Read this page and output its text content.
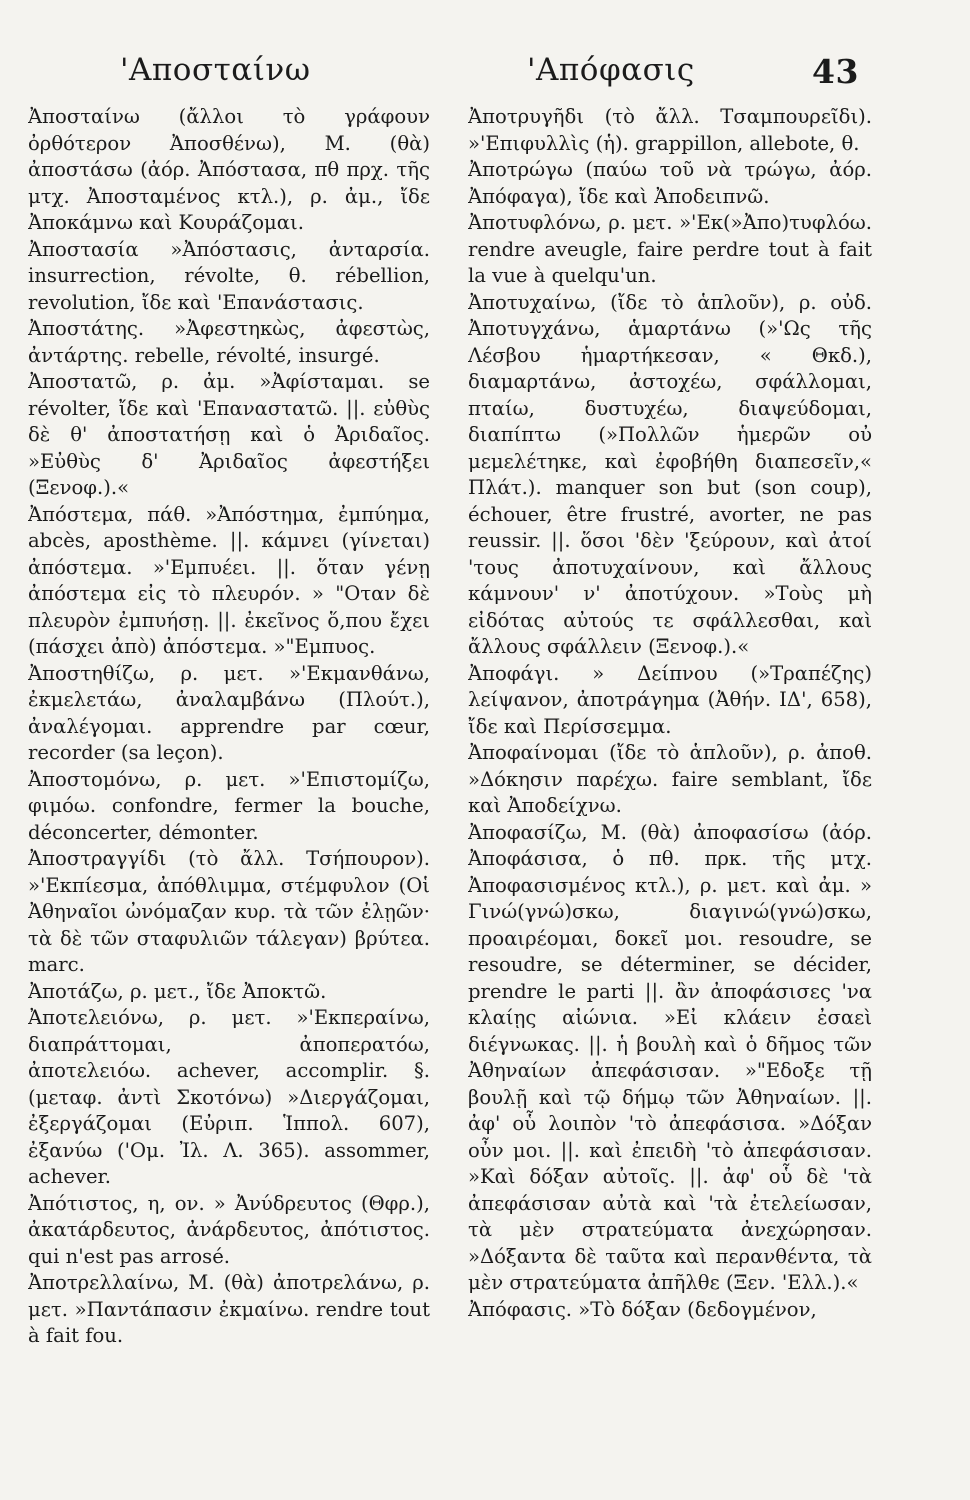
'Αποσταίνω	'Απόφασις	43

Ἀποσταίνω (ἄλλοι τὸ γράφουν ὀρθότερον Ἀποσθένω), Μ. (θὰ) ἀποστάσω (ἀόρ. Ἀπόστασα, πθ πρχ. τῆς μτχ. Ἀποσταμένος κτλ.), ρ. ἀμ., ἴδε Ἀποκάμνω καὶ Κουράζομαι.

Ἀποστασία »Ἀπόστασις, ἀνταρσία. insurrection, révolte, θ. rébellion, revolution, ἴδε καὶ 'Επανάστασις.

Ἀποστάτης. »Ἀφεστηκὼς, ἀφεστὼς, ἀντάρτης. rebelle, révolté, insurgé.

Ἀποστατῶ, ρ. ἀμ. »Ἀφίσταμαι. se révolter, ἴδε καὶ 'Επαναστατῶ. ||. εὐθὺς δὲ θ' ἀποστατήσῃ καὶ ὁ Ἀριδαῖος. »Εὐθὺς δ' Ἀριδαῖος ἀφεστήξει (Ξενοφ.).«

Ἀπόστεμα, πάθ. »Ἀπόστημα, ἐμπύημα, abcès, aposthème. ||. κάμνει (γίνεται) ἀπόστεμα. »'Εμπυέει. ||. ὅταν γένῃ ἀπόστεμα εἰς τὸ πλευρόν. » "Οταν δὲ πλευρὸν ἐμπυήσῃ. ||. ἐκεῖνος ὅ,που ἔχει (πάσχει ἀπὸ) ἀπόστεμα. »"Εμπυος.

Ἀποστηθίζω, ρ. μετ. »'Εκμανθάνω, ἐκμελετάω, ἀναλαμβάνω (Πλούτ.), ἀναλέγομαι. apprendre par cœur, recorder (sa leçon).

Ἀποστομόνω, ρ. μετ. »'Επιστομίζω, φιμόω. confondre, fermer la bouche, déconcerter, démonter.

Ἀποστραγγίδι (τὸ ἄλλ. Τσήπουρον). »'Εκπίεσμα, ἀπόθλιμμα, στέμφυλον (Οἱ Ἀθηναῖοι ὠνόμαζαν κυρ. τὰ τῶν ἐλῃῶν· τὰ δὲ τῶν σταφυλιῶν τάλεγαν) βρύτεα. marc.

Ἀποτάζω, ρ. μετ., ἴδε Ἀποκτῶ.

Ἀποτελειόνω, ρ. μετ. »'Εκπεραίνω, διαπράττομαι, ἀποπερατόω, ἀποτελειόω. achever, accomplir. §. (μεταφ. ἀντὶ Σκοτόνω) »Διεργάζομαι, ἐξεργάζομαι (Εὐριπ. Ἱππολ. 607), ἐξανύω ('Ομ. Ἰλ. Λ. 365). assommer, achever.

Ἀπότιστος, η, ον. » Ἀνύδρευτος (Θφρ.), ἀκατάρδευτος, ἀνάρδευτος, ἀπότιστος. qui n'est pas arrosé.

Ἀποτρελλαίνω, Μ. (θὰ) ἀποτρελάνω, ρ. μετ. »Παντάπασιν ἐκμαίνω. rendre tout à fait fou.

Ἀποτρυγῆδι (τὸ ἄλλ. Τσαμπουρεῖδι). »'Επιφυλλὶς (ἡ). grappillon, allebote, θ.

Ἀποτρώγω (παύω τοῦ νὰ τρώγω, ἀόρ. Ἀπόφαγα), ἴδε καὶ Ἀποδειπνῶ.

Ἀποτυφλόνω, ρ. μετ. »'Εκ(»Ἀπο)τυφλόω. rendre aveugle, faire perdre tout à fait la vue à quelqu'un.

Ἀποτυχαίνω, (ἴδε τὸ ἁπλοῦν), ρ. οὐδ. Ἀποτυγχάνω, ἁμαρτάνω (»'Ως τῆς Λέσβου ἡμαρτήκεσαν, « Θκδ.), διαμαρτάνω, ἀστοχέω, σφάλλομαι, πταίω, δυστυχέω, διαψεύδομαι, διαπίπτω (»Πολλῶν ἡμερῶν οὐ μεμελέτηκε, καὶ ἐφοβήθη διαπεσεῖν,« Πλάτ.). manquer son but (son coup), échouer, être frustré, avorter, ne pas reussir. ||. ὅσοι 'δὲν 'ξεύρουν, καὶ ἀτοί 'τους ἀποτυχαίνουν, καὶ ἄλλους κάμνουν' ν' ἀποτύχουν. »Τοὺς μὴ εἰδότας αὐτούς τε σφάλλεσθαι, καὶ ἄλλους σφάλλειν (Ξενοφ.).«

Ἀποφάγι. » Δείπνου (»Τραπέζης) λείψανον, ἀποτράγημα (Ἀθήν. ΙΔ', 658), ἴδε καὶ Περίσσεμμα.

Ἀποφαίνομαι (ἴδε τὸ ἁπλοῦν), ρ. ἀποθ. »Δόκησιν παρέχω. faire semblant, ἴδε καὶ Ἀποδείχνω.

Ἀποφασίζω, Μ. (θὰ) ἀποφασίσω (ἀόρ. Ἀποφάσισα, ὁ πθ. πρκ. τῆς μτχ. Ἀποφασισμένος κτλ.), ρ. μετ. καὶ ἀμ. » Γινώ(γνώ)σκω, διαγινώ(γνώ)σκω, προαιρέομαι, δοκεῖ μοι. resoudre, se resoudre, se déterminer, se décider, prendre le parti ||. ἂν ἀποφάσισες 'να κλαίῃς αἰώνια. »Εἰ κλάειν ἐσαεὶ διέγνωκας. ||. ἡ βουλὴ καὶ ὁ δῆμος τῶν Ἀθηναίων ἀπεφάσισαν. »"Εδοξε τῇ βουλῇ καὶ τῷ δήμῳ τῶν Ἀθηναίων. ||. ἀφ' οὗ λοιπὸν 'τὸ ἀπεφάσισα. »Δόξαν οὖν μοι. ||. καὶ ἐπειδὴ 'τὸ ἀπεφάσισαν. »Καὶ δόξαν αὐτοῖς. ||. ἀφ' οὗ δὲ 'τὰ ἀπεφάσισαν αὐτὰ καὶ 'τὰ ἐτελείωσαν, τὰ μὲν στρατεύματα ἀνεχώρησαν. »Δόξαντα δὲ ταῦτα καὶ περανθέντα, τὰ μὲν στρατεύματα ἀπῆλθε (Ξεν. 'Ελλ.).«

Ἀπόφασις. »Τὸ δόξαν (δεδογμένον,
